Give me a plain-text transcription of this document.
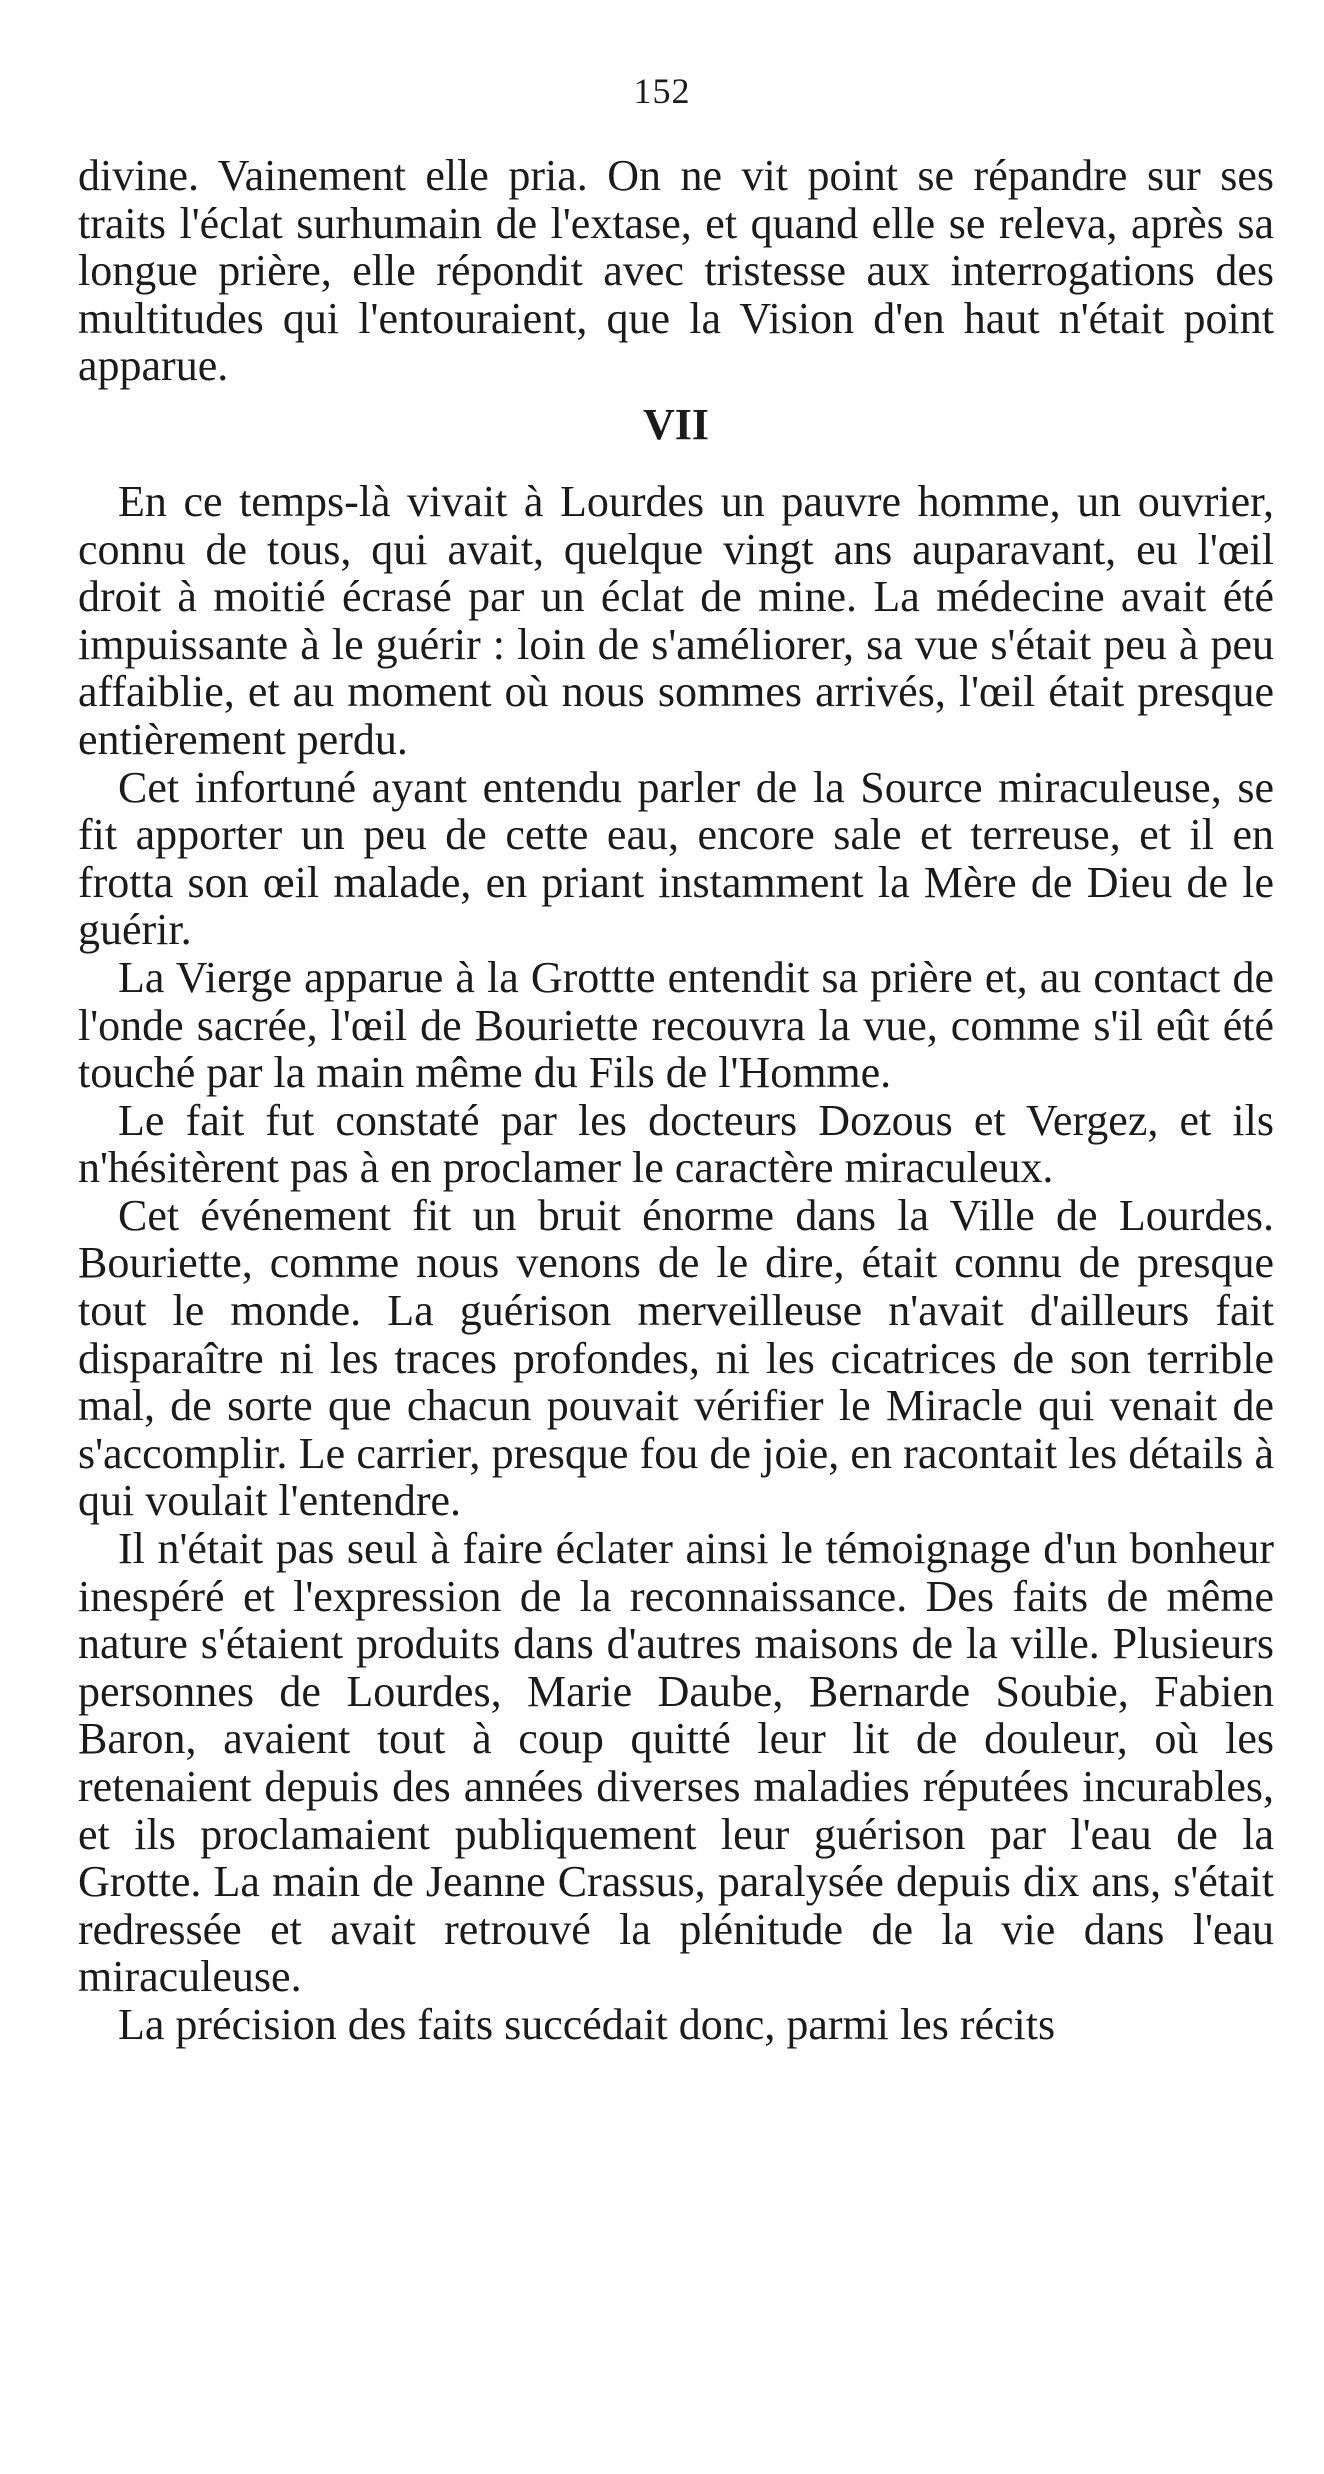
152

divine. Vainement elle pria. On ne vit point se répandre sur ses traits l'éclat surhumain de l'extase, et quand elle se releva, après sa longue prière, elle répondit avec tristesse aux interrogations des multitudes qui l'entouraient, que la Vision d'en haut n'était point apparue.

VII

En ce temps-là vivait à Lourdes un pauvre homme, un ouvrier, connu de tous, qui avait, quelque vingt ans auparavant, eu l'œil droit à moitié écrasé par un éclat de mine. La médecine avait été impuissante à le guérir : loin de s'améliorer, sa vue s'était peu à peu affaiblie, et au moment où nous sommes arrivés, l'œil était presque entièrement perdu.

Cet infortuné ayant entendu parler de la Source miraculeuse, se fit apporter un peu de cette eau, encore sale et terreuse, et il en frotta son œil malade, en priant instamment la Mère de Dieu de le guérir.

La Vierge apparue à la Grottte entendit sa prière et, au contact de l'onde sacrée, l'œil de Bouriette recouvra la vue, comme s'il eût été touché par la main même du Fils de l'Homme.

Le fait fut constaté par les docteurs Dozous et Vergez, et ils n'hésitèrent pas à en proclamer le caractère miraculeux.

Cet événement fit un bruit énorme dans la Ville de Lourdes. Bouriette, comme nous venons de le dire, était connu de presque tout le monde. La guérison merveilleuse n'avait d'ailleurs fait disparaître ni les traces profondes, ni les cicatrices de son terrible mal, de sorte que chacun pouvait vérifier le Miracle qui venait de s'accomplir. Le carrier, presque fou de joie, en racontait les détails à qui voulait l'entendre.

Il n'était pas seul à faire éclater ainsi le témoignage d'un bonheur inespéré et l'expression de la reconnaissance. Des faits de même nature s'étaient produits dans d'autres maisons de la ville. Plusieurs personnes de Lourdes, Marie Daube, Bernarde Soubie, Fabien Baron, avaient tout à coup quitté leur lit de douleur, où les retenaient depuis des années diverses maladies réputées incurables, et ils proclamaient publiquement leur guérison par l'eau de la Grotte. La main de Jeanne Crassus, paralysée depuis dix ans, s'était redressée et avait retrouvé la plénitude de la vie dans l'eau miraculeuse.

La précision des faits succédait donc, parmi les récits
